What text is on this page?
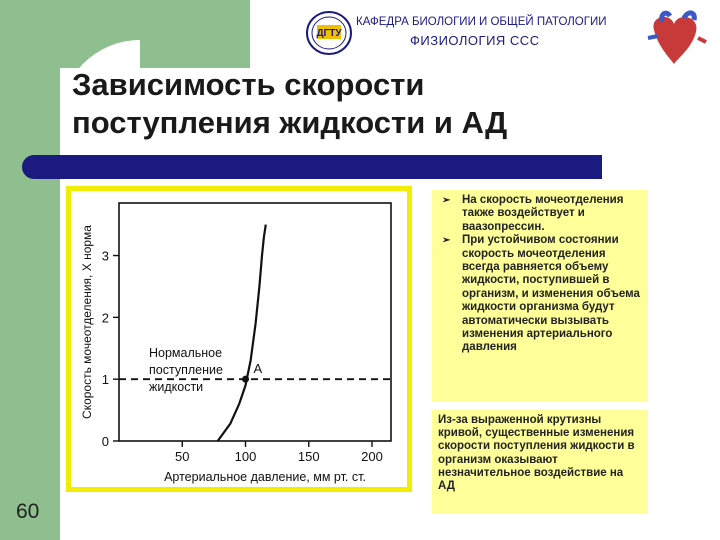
ДГТУ
КАФЕДРА БИОЛОГИИ И ОБЩЕЙ ПАТОЛОГИИ
ФИЗИОЛОГИЯ ССС
Зависимость скорости
поступления жидкости и АД
0
1
2
3
50	100	150	200
Артериальное давление, мм рт. ст.
Скорость мочеотделения, Х норма	Нормальное
поступление
жидкости
А
➢ На скорость мочеотделения также воздействует и ваазопрессин.
➢ При устойчивом состоянии скорость мочеотделения всегда равняется объему жидкости, поступившей в организм, и изменения объема жидкости организма будут автоматически вызывать изменения артериального давления
Из-за выраженной крутизны кривой, существенные изменения скорости поступления жидкости в организм оказывают незначительное воздействие на АД
60
